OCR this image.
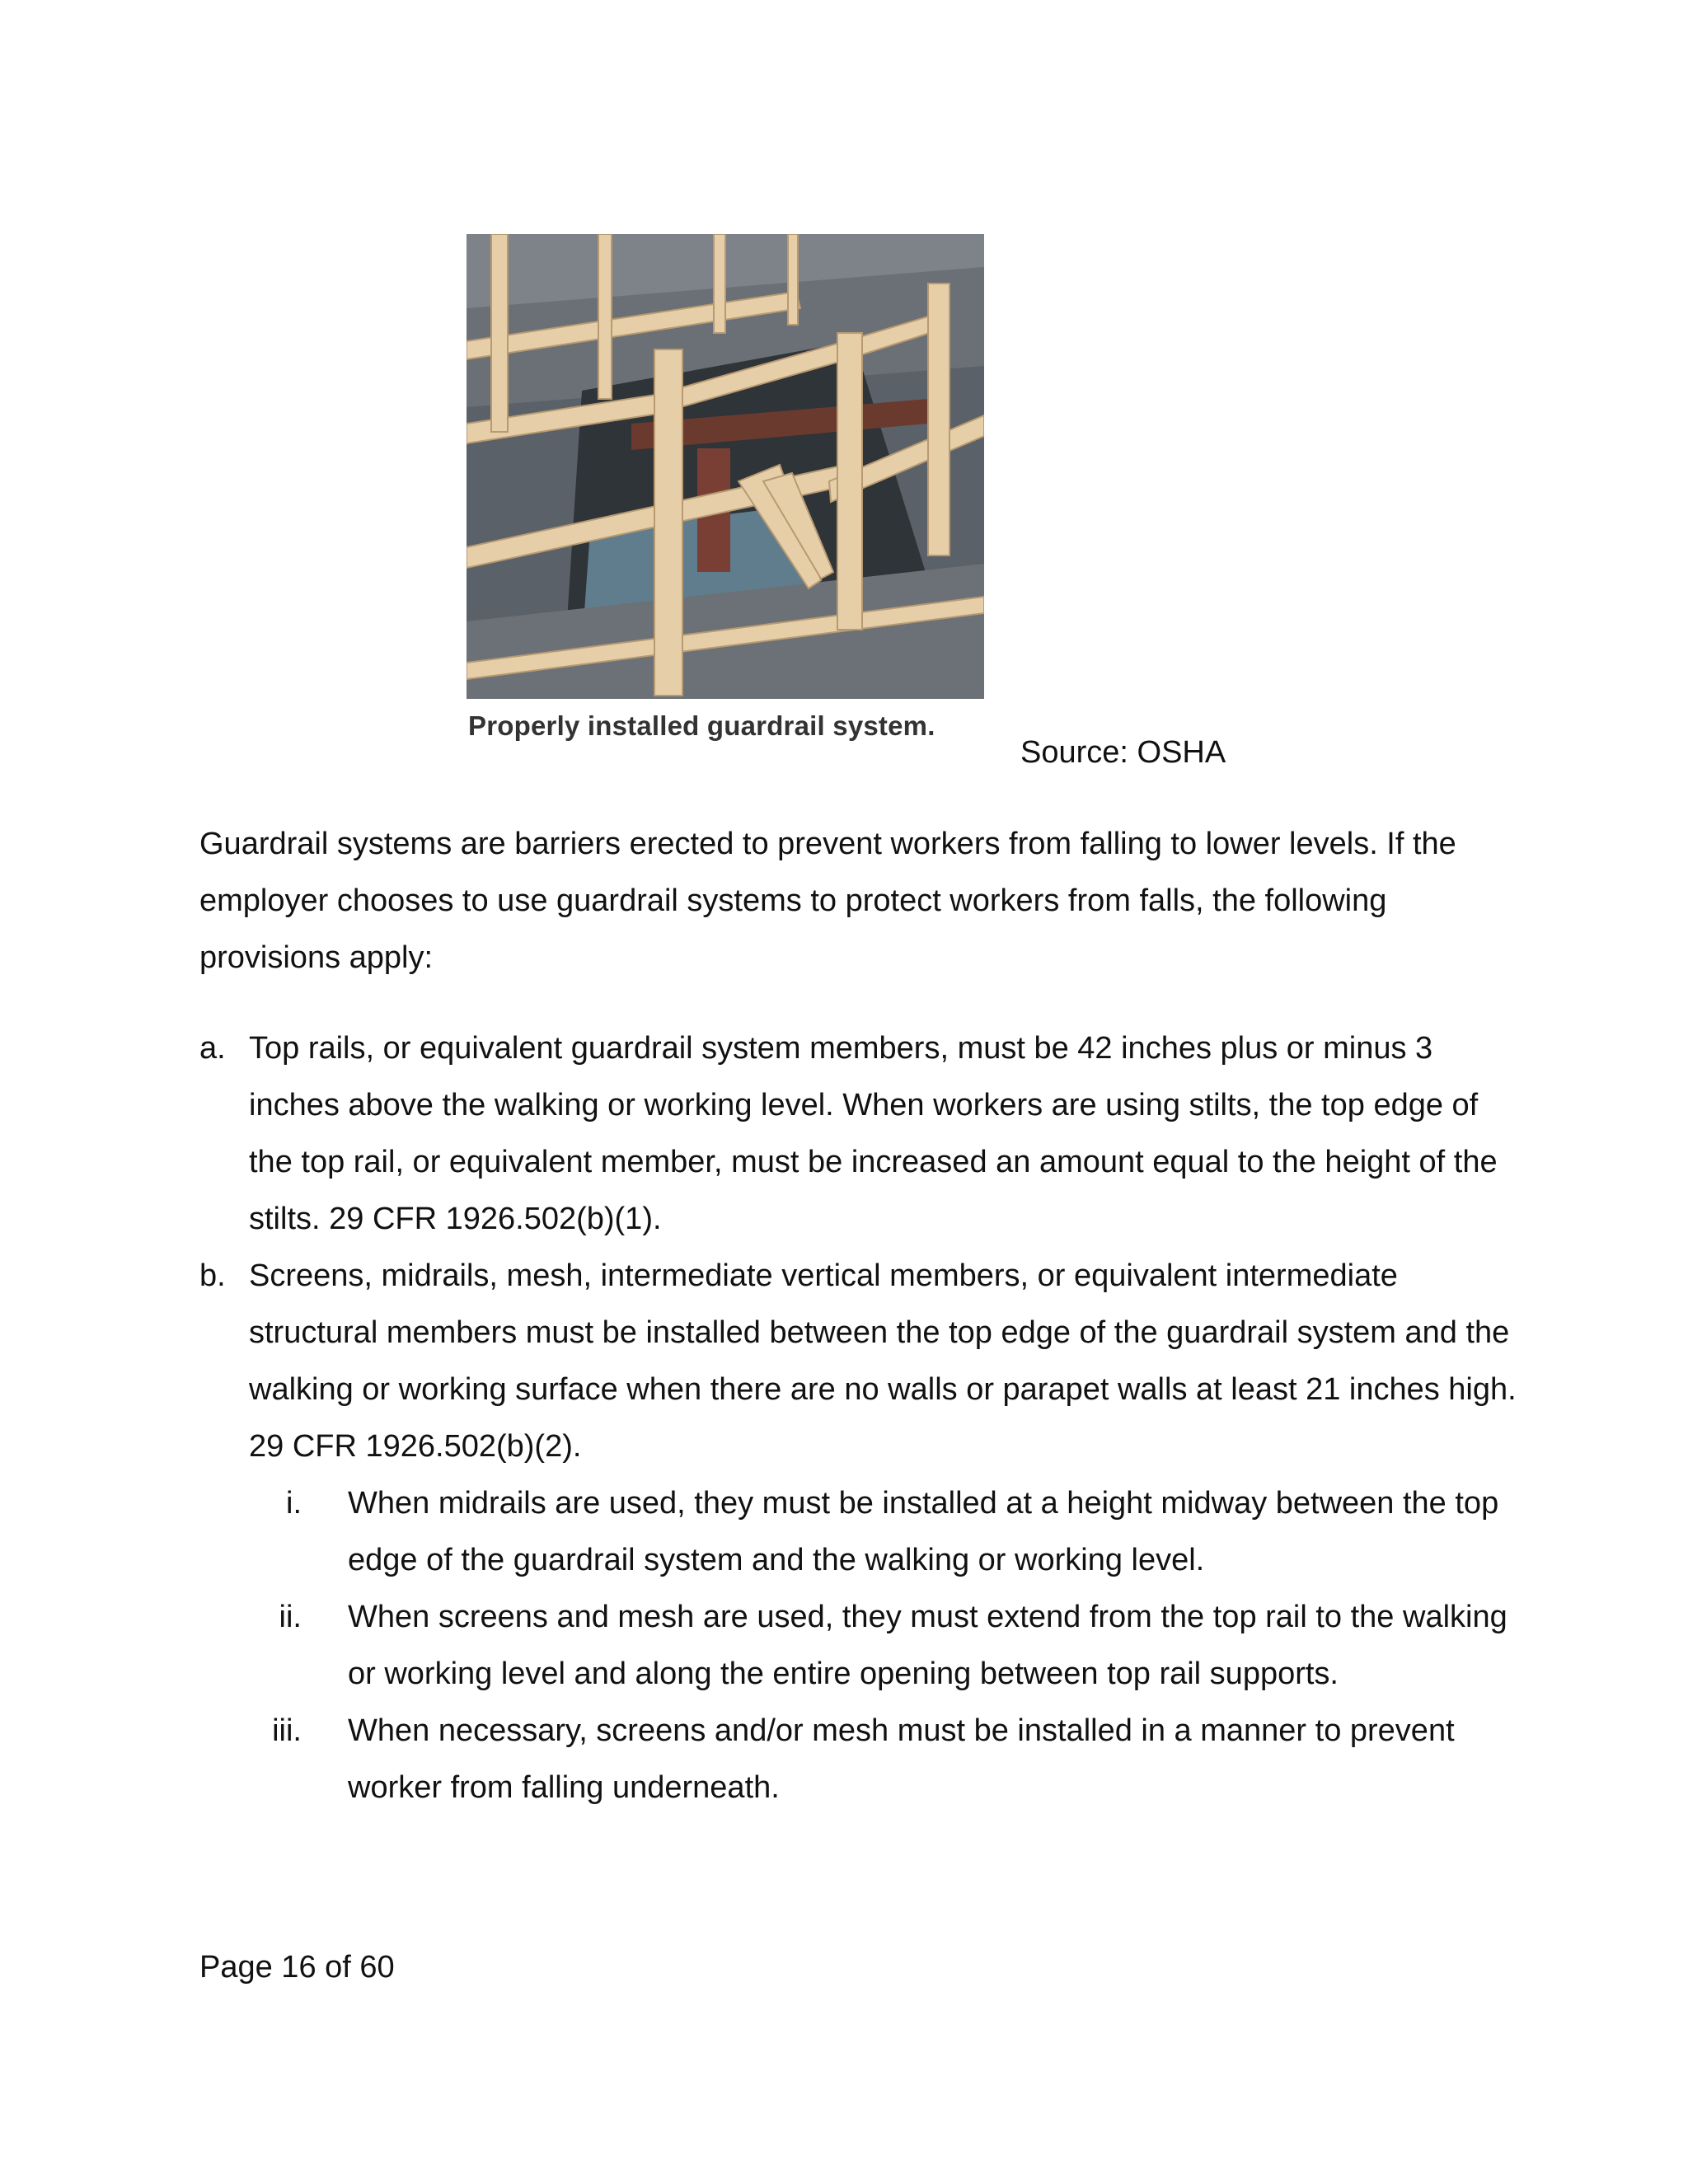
Properly installed guardrail system.
Source: OSHA

Guardrail systems are barriers erected to prevent workers from falling to lower levels. If the employer chooses to use guardrail systems to protect workers from falls, the following provisions apply:

a. Top rails, or equivalent guardrail system members, must be 42 inches plus or minus 3 inches above the walking or working level. When workers are using stilts, the top edge of the top rail, or equivalent member, must be increased an amount equal to the height of the stilts. 29 CFR 1926.502(b)(1).
b. Screens, midrails, mesh, intermediate vertical members, or equivalent intermediate structural members must be installed between the top edge of the guardrail system and the walking or working surface when there are no walls or parapet walls at least 21 inches high. 29 CFR 1926.502(b)(2).
i. When midrails are used, they must be installed at a height midway between the top edge of the guardrail system and the walking or working level.
ii. When screens and mesh are used, they must extend from the top rail to the walking or working level and along the entire opening between top rail supports.
iii. When necessary, screens and/or mesh must be installed in a manner to prevent worker from falling underneath.
Page 16 of 60
